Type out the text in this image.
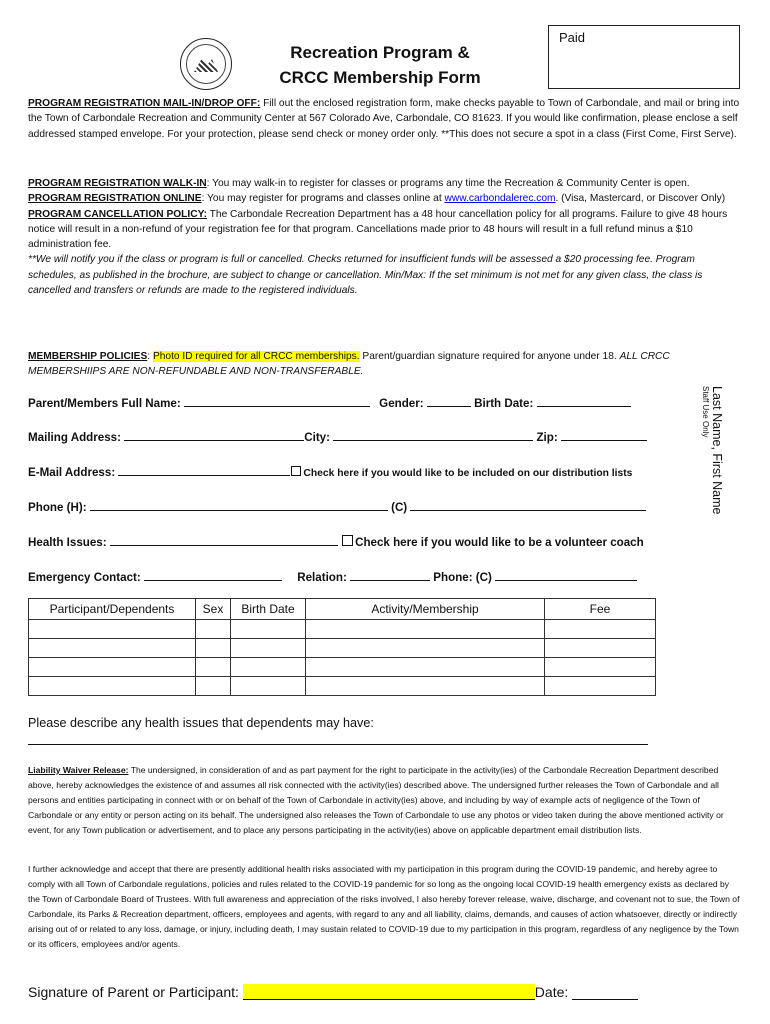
Recreation Program &
CRCC Membership Form
Paid
PROGRAM REGISTRATION MAIL-IN/DROP OFF: Fill out the enclosed registration form, make checks payable to Town of Carbondale, and mail or bring into the Town of Carbondale Recreation and Community Center at 567 Colorado Ave, Carbondale, CO 81623. If you would like confirmation, please enclose a self addressed stamped envelope. For your protection, please send check or money order only. **This does not secure a spot in a class (First Come, First Serve).
PROGRAM REGISTRATION WALK-IN: You may walk-in to register for classes or programs any time the Recreation & Community Center is open.
PROGRAM REGISTRATION ONLINE: You may register for programs and classes online at www.carbondalerec.com. (Visa, Mastercard, or Discover Only)
PROGRAM CANCELLATION POLICY: The Carbondale Recreation Department has a 48 hour cancellation policy for all programs. Failure to give 48 hours notice will result in a non-refund of your registration fee for that program. Cancellations made prior to 48 hours will result in a full refund minus a $10 administration fee.
**We will notify you if the class or program is full or cancelled. Checks returned for insufficient funds will be assessed a $20 processing fee. Program schedules, as published in the brochure, are subject to change or cancellation. Min/Max: If the set minimum is not met for any given class, the class is cancelled and transfers or refunds are made to the registered individuals.
MEMBERSHIP POLICIES: Photo ID required for all CRCC memberships. Parent/guardian signature required for anyone under 18. ALL CRCC MEMBERSHIIPS ARE NON-REFUNDABLE AND NON-TRANSFERABLE.
Last Name, First Name
Staff Use Only
Parent/Members Full Name:	Gender:	Birth Date:
Mailing Address:	City:	Zip:
E-Mail Address:	Check here if you would like to be included on our distribution lists
Phone (H):	(C)
Health Issues:	Check here if you would like to be a volunteer coach
Emergency Contact:	Relation:	Phone: (C)
Participant/Dependents	Sex	Birth Date	Activity/Membership	Fee

Please describe any health issues that dependents may have:
Liability Waiver Release: The undersigned, in consideration of and as part payment for the right to participate in the activity(ies) of the Carbondale Recreation Department described above, hereby acknowledges the existence of and assumes all risk connected with the activity(ies) described above. The undersigned further releases the Town of Carbondale and all persons and entities participating in connect with or on behalf of the Town of Carbondale in activity(ies) above, and including by way of example acts of negligence of the Town of Carbondale or any entity or person acting on its behalf. The undersigned also releases the Town of Carbondale to use any photos or video taken during the above mentioned activity or event, for any Town publication or advertisement, and to place any persons participating in the activity(ies) above on applicable department email distribution lists.
I further acknowledge and accept that there are presently additional health risks associated with my participation in this program during the COVID-19 pandemic, and hereby agree to comply with all Town of Carbondale regulations, policies and rules related to the COVID-19 pandemic for so long as the ongoing local COVID-19 health emergency exists as declared by the Town of Carbondale Board of Trustees. With full awareness and appreciation of the risks involved, I also hereby forever release, waive, discharge, and covenant not to sue, the Town of Carbondale, its Parks & Recreation department, officers, employees and agents, with regard to any and all liability, claims, demands, and causes of action whatsoever, directly or indirectly arising out of or related to any loss, damage, or injury, including death, I may sustain related to COVID-19 due to my participation in this program, regardless of any negligence by the Town or its officers, employees and/or agents.
Signature of Parent or Participant:	Date:
